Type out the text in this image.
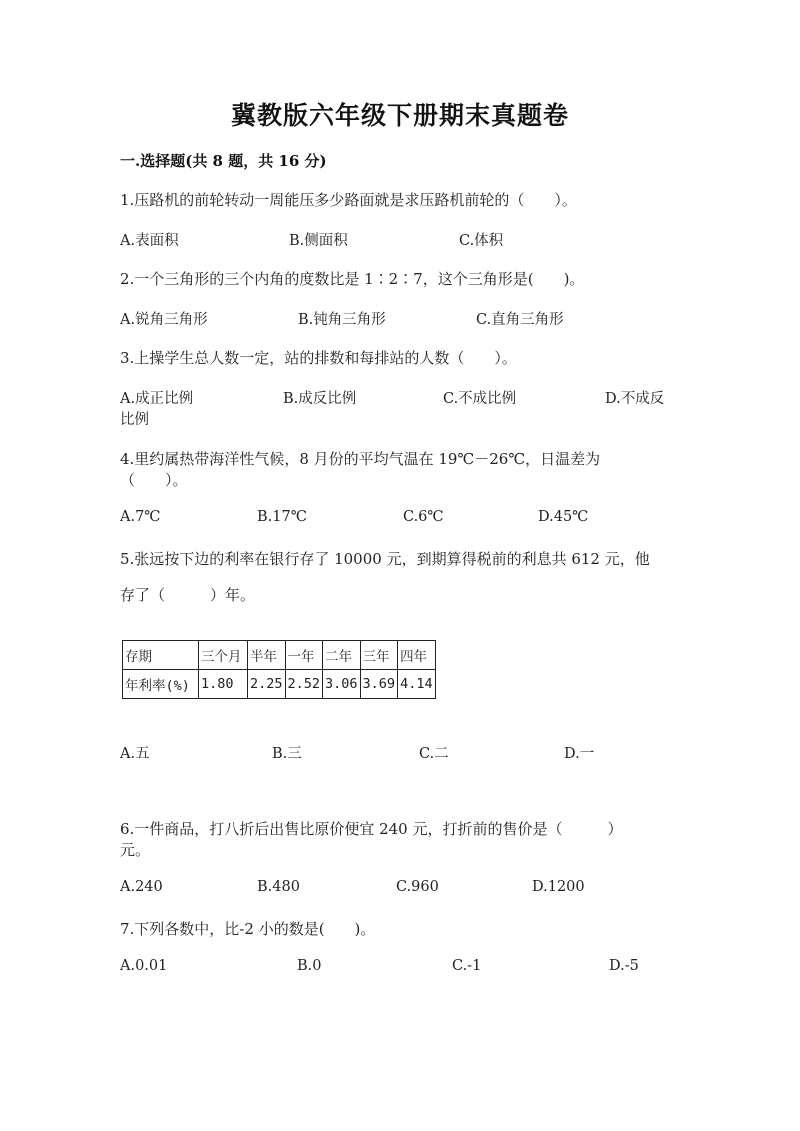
冀教版六年级下册期末真题卷
一.选择题(共 8 题，共 16 分)
1.压路机的前轮转动一周能压多少路面就是求压路机前轮的（　　）。
A.表面积	B.侧面积	C.体积
2.一个三角形的三个内角的度数比是 1∶2∶7，这个三角形是(　　)。
A.锐角三角形	B.钝角三角形	C.直角三角形
3.上操学生总人数一定，站的排数和每排站的人数（　　）。
A.成正比例	B.成反比例	C.不成比例	D.不成反
比例
4.里约属热带海洋性气候，8 月份的平均气温在 19℃－26℃，日温差为
（　　）。
A.7℃	B.17℃	C.6℃	D.45℃
5.张远按下边的利率在银行存了 10000 元，到期算得税前的利息共 612 元，他
存了（　　　）年。
存期	三个月	半年	一年	二年	三年	四年
年利率(%)	1.80	2.25	2.52	3.06	3.69	4.14
A.五	B.三	C.二	D.一
6.一件商品，打八折后出售比原价便宜 240 元，打折前的售价是（　　　）
元。
A.240	B.480	C.960	D.1200
7.下列各数中，比-2 小的数是(　　)。
A.0.01	B.0	C.-1	D.-5
